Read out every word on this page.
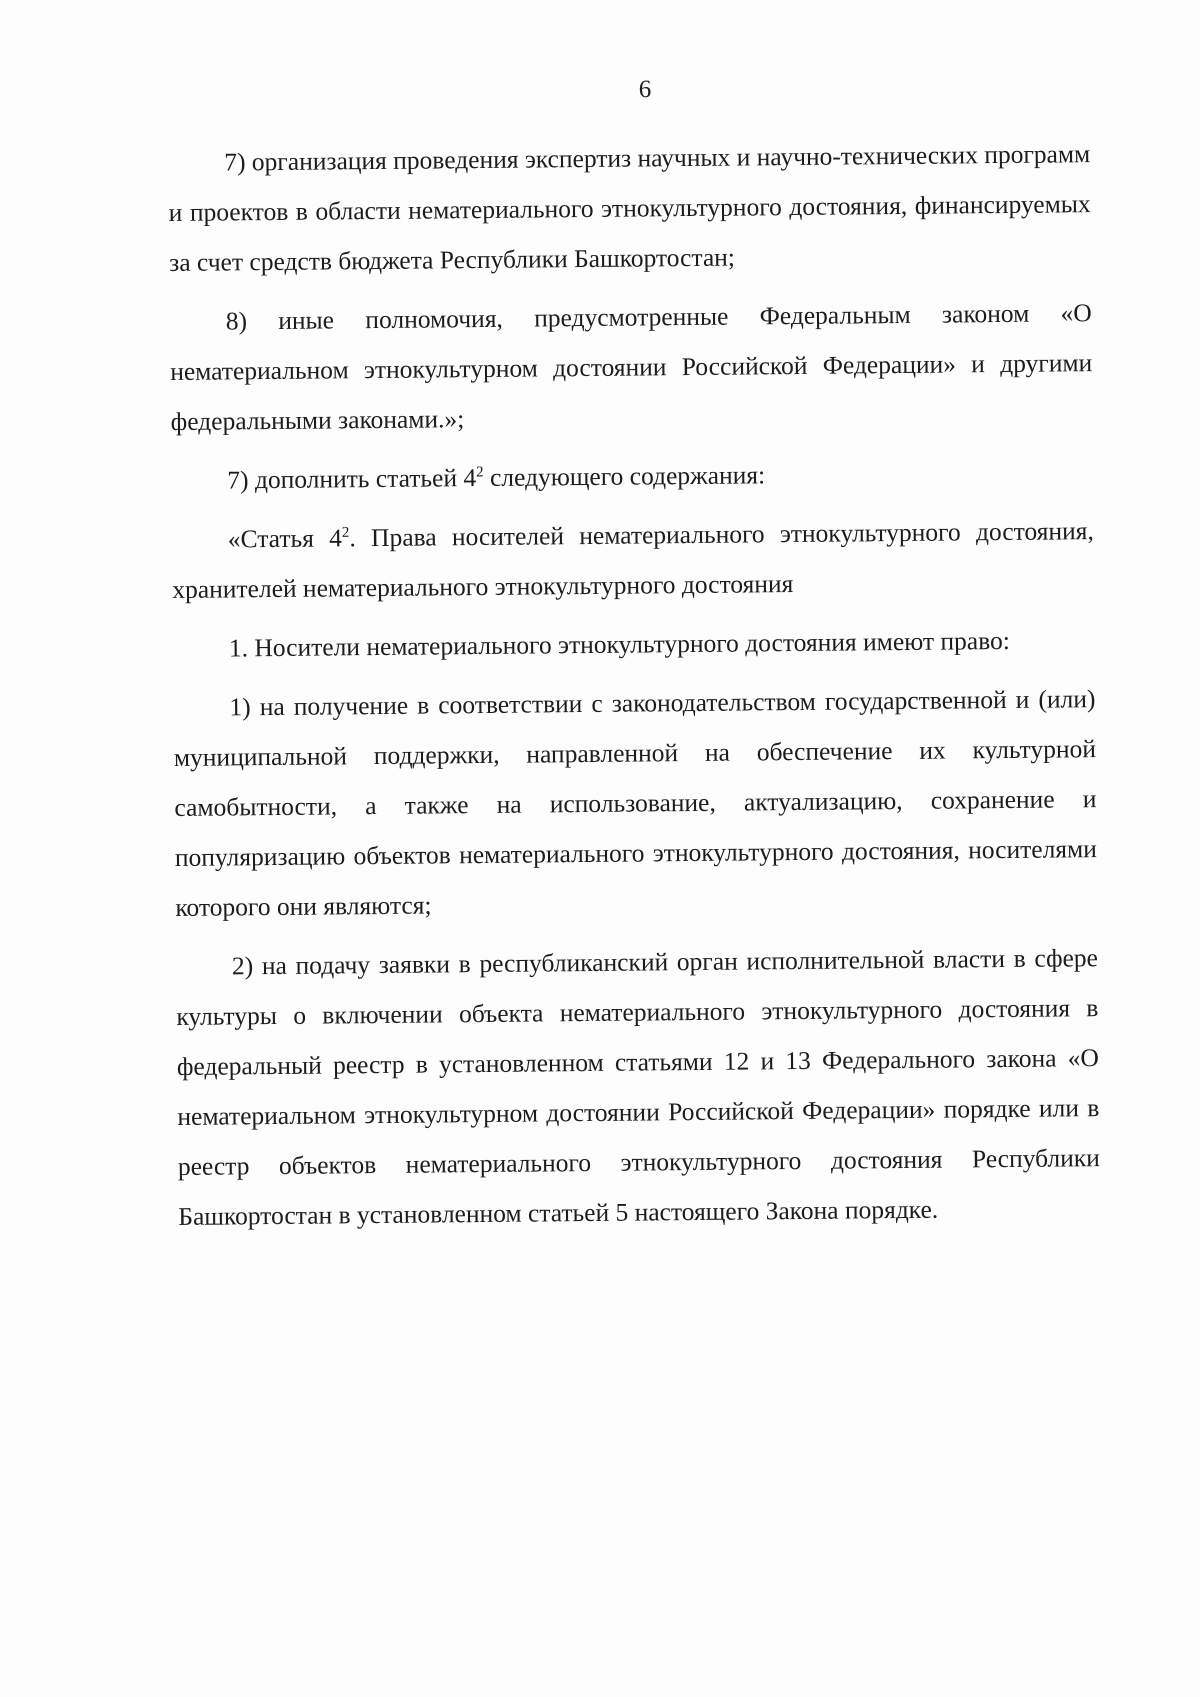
6

7) организация проведения экспертиз научных и научно-технических программ и проектов в области нематериального этнокультурного достояния, финансируемых за счет средств бюджета Республики Башкортостан;

8) иные полномочия, предусмотренные Федеральным законом «О нематериальном этнокультурном достоянии Российской Федерации» и другими федеральными законами.»;

7) дополнить статьей $4^2$ следующего содержания:

«Статья $4^2$. Права носителей нематериального этнокультурного достояния, хранителей нематериального этнокультурного достояния

1. Носители нематериального этнокультурного достояния имеют право:

1) на получение в соответствии с законодательством государственной и (или) муниципальной поддержки, направленной на обеспечение их культурной самобытности, а также на использование, актуализацию, сохранение и популяризацию объектов нематериального этнокультурного достояния, носителями которого они являются;

2) на подачу заявки в республиканский орган исполнительной власти в сфере культуры о включении объекта нематериального этнокультурного достояния в федеральный реестр в установленном статьями 12 и 13 Федерального закона «О нематериальном этнокультурном достоянии Российской Федерации» порядке или в реестр объектов нематериального этнокультурного достояния Республики Башкортостан в установленном статьей 5 настоящего Закона порядке.
